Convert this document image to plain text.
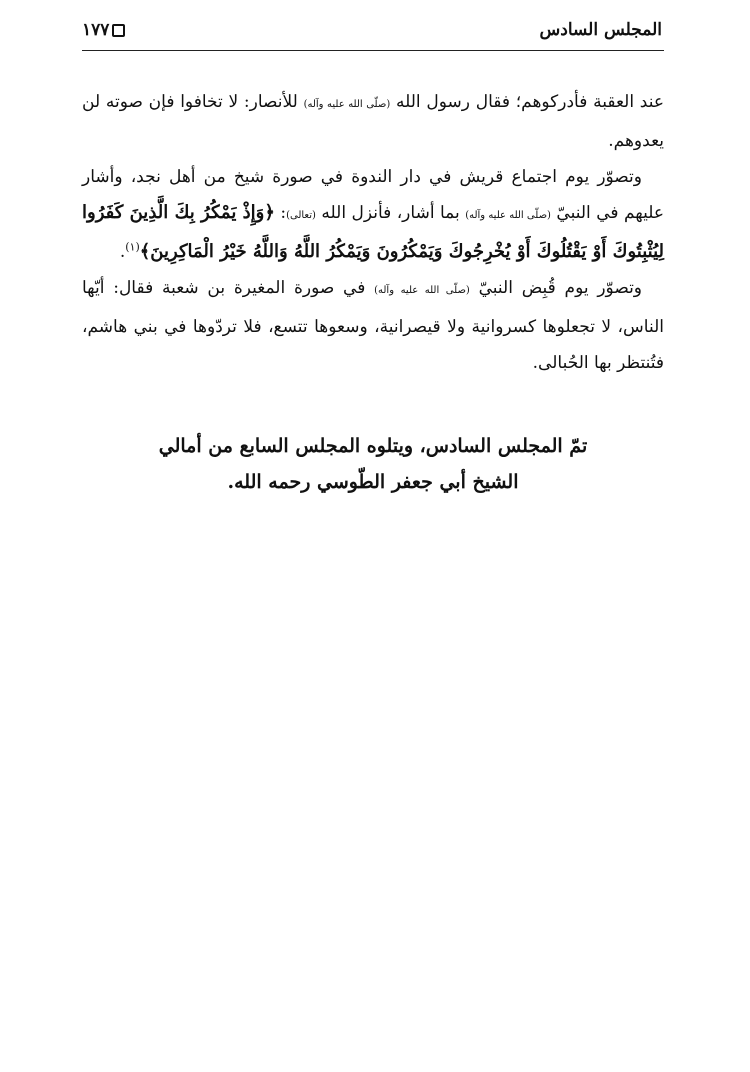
المجلس السادس
١٧٧

عند العقبة فأدركوهم؛ فقال رسول الله (صلّى الله عليه وآله) للأنصار: لا تخافوا فإن صوته لن يعدوهم.

وتصوّر يوم اجتماع قريش في دار الندوة في صورة شيخ من أهل نجد، وأشار عليهم في النبيّ (صلّى الله عليه وآله) بما أشار، فأنزل الله (تعالى): ﴿وَإِذْ يَمْكُرُ بِكَ الَّذِينَ كَفَرُوا لِيُثْبِتُوكَ أَوْ يَقْتُلُوكَ أَوْ يُخْرِجُوكَ وَيَمْكُرُونَ وَيَمْكُرُ اللَّهُ وَاللَّهُ خَيْرُ الْمَاكِرِينَ﴾$^{(١)}$.

وتصوّر يوم قُبِض النبيّ (صلّى الله عليه وآله) في صورة المغيرة بن شعبة فقال: أيّها الناس، لا تجعلوها كسروانية ولا قيصرانية، وسعوها تتسع، فلا تردّوها في بني هاشم، فتُنتظر بها الحُبالى.

تمّ المجلس السادس، ويتلوه المجلس السابع من أمالي

الشيخ أبي جعفر الطّوسي رحمه الله.
